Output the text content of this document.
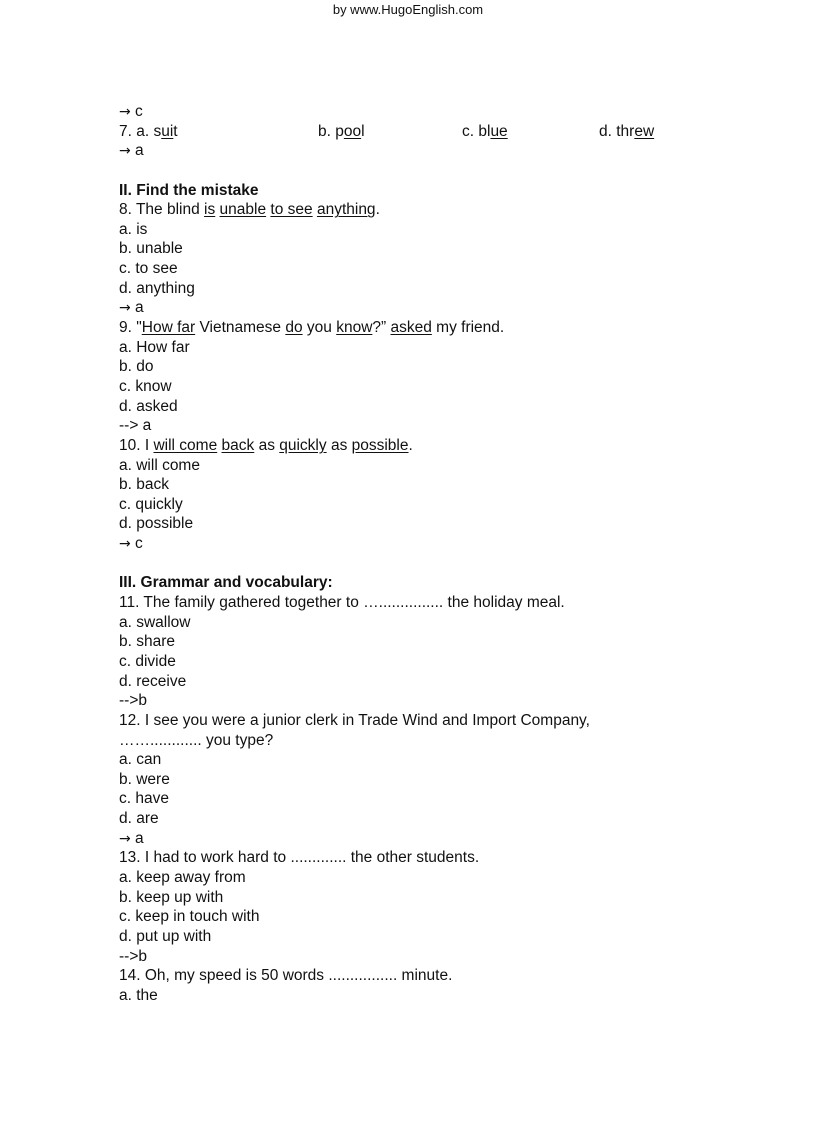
by www.HugoEnglish.com
→ c
7. a. suit	b. pool	c. blue	d. threw
→ a
II. Find the mistake
8. The blind is unable to see anything.
a. is
b. unable
c. to see
d. anything
→ a
9. "How far Vietnamese do you know?” asked my friend.
a. How far
b. do
c. know
d. asked
--> a
10. I will come back as quickly as possible.
a. will come
b. back
c. quickly
d. possible
→ c
III. Grammar and vocabulary:
11. The family gathered together to …............... the holiday meal.
a. swallow
b. share
c. divide
d. receive
-->b
12. I see you were a junior clerk in Trade Wind and Import Company,
……............ you type?
a. can
b. were
c. have
d. are
→ a
13. I had to work hard to ............. the other students.
a. keep away from
b. keep up with
c. keep in touch with
d. put up with
-->b
14. Oh, my speed is 50 words ................ minute.
a. the
